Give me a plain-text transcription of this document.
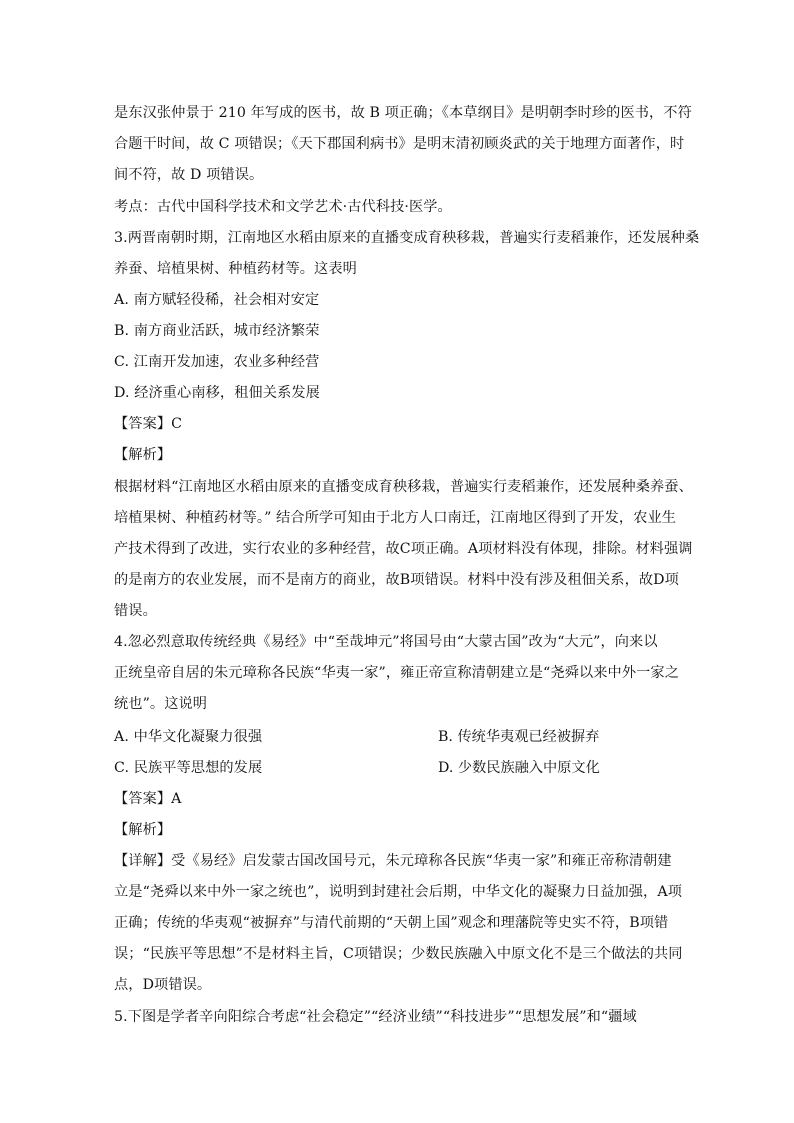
是东汉张仲景于 210 年写成的医书，故 B 项正确；《本草纲目》是明朝李时珍的医书，不符
合题干时间，故 C 项错误；《天下郡国利病书》是明末清初顾炎武的关于地理方面著作，时
间不符，故 D 项错误。
考点：古代中国科学技术和文学艺术·古代科技·医学。
3.两晋南朝时期，江南地区水稻由原来的直播变成育秧移栽，普遍实行麦稻兼作，还发展种桑
养蚕、培植果树、种植药材等。这表明
A. 南方赋轻役稀，社会相对安定
B. 南方商业活跃，城市经济繁荣
C. 江南开发加速，农业多种经营
D. 经济重心南移，租佃关系发展
【答案】C
【解析】
根据材料“江南地区水稻由原来的直播变成育秧移栽，普遍实行麦稻兼作，还发展种桑养蚕、
培植果树、种植药材等。” 结合所学可知由于北方人口南迁，江南地区得到了开发，农业生
产技术得到了改进，实行农业的多种经营，故C项正确。A项材料没有体现，排除。材料强调
的是南方的农业发展，而不是南方的商业，故B项错误。材料中没有涉及租佃关系，故D项
错误。
4.忽必烈意取传统经典《易经》中“至哉坤元”将国号由“大蒙古国”改为“大元”，向来以
正统皇帝自居的朱元璋称各民族“华夷一家”，雍正帝宣称清朝建立是“尧舜以来中外一家之
统也”。这说明
A. 中华文化凝聚力很强	B. 传统华夷观已经被摒弃
C. 民族平等思想的发展	D. 少数民族融入中原文化
【答案】A
【解析】
【详解】受《易经》启发蒙古国改国号元，朱元璋称各民族“华夷一家”和雍正帝称清朝建
立是“尧舜以来中外一家之统也”，说明到封建社会后期，中华文化的凝聚力日益加强，A项
正确；传统的华夷观“被摒弃”与清代前期的“天朝上国”观念和理藩院等史实不符，B项错
误；“民族平等思想”不是材料主旨，C项错误；少数民族融入中原文化不是三个做法的共同
点，D项错误。
5.下图是学者辛向阳综合考虑“社会稳定”“经济业绩”“科技进步”“思想发展”和“疆域
